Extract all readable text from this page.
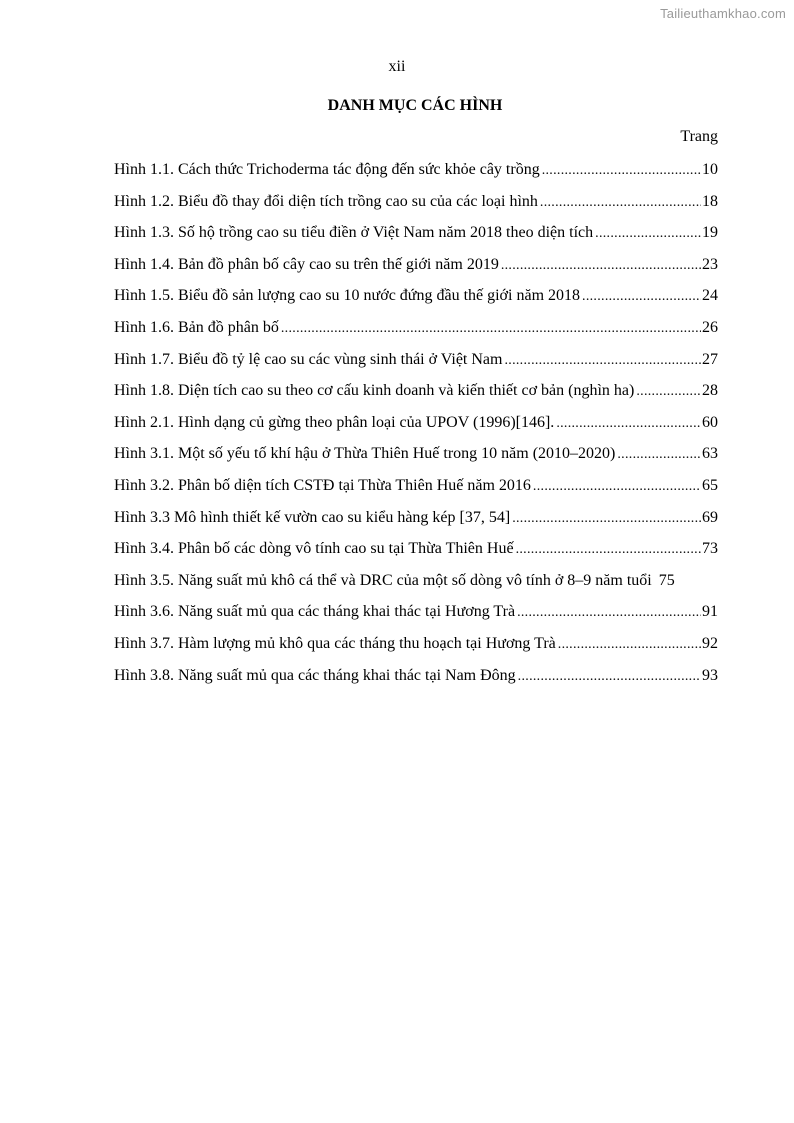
Tailieuthamkhao.com
xii
DANH MỤC CÁC HÌNH
Trang
Hình 1.1. Cách thức Trichoderma tác động đến sức khỏe cây trồng .....	10
Hình 1.2. Biểu đồ thay đổi diện tích trồng cao su của các loại hình .....	18
Hình 1.3. Số hộ trồng cao su tiểu điền ở Việt Nam năm 2018 theo diện tích .....	19
Hình 1.4. Bản đồ phân bố cây cao su trên thế giới năm 2019 .....	23
Hình 1.5. Biểu đồ sản lượng cao su 10 nước đứng đầu thế giới năm 2018 .....	24
Hình 1.6. Bản đồ phân bố .....	26
Hình 1.7. Biểu đồ tỷ lệ cao su các vùng sinh thái ở Việt Nam .....	27
Hình 1.8. Diện tích cao su theo cơ cấu kinh doanh và kiến thiết cơ bản (nghìn ha) .....	28
Hình 2.1. Hình dạng củ gừng theo phân loại của UPOV (1996)[146]. .....	60
Hình 3.1. Một số yếu tố khí hậu ở Thừa Thiên Huế trong 10 năm (2010–2020) .....	63
Hình 3.2. Phân bố diện tích CSTĐ tại Thừa Thiên Huế năm 2016 .....	65
Hình 3.3 Mô hình thiết kế vườn cao su kiểu hàng kép [37, 54] .....	69
Hình 3.4. Phân bố các dòng vô tính cao su tại Thừa Thiên Huế .....	73
Hình 3.5. Năng suất mủ khô cá thể và DRC của một số dòng vô tính ở 8–9 năm tuổi 75
Hình 3.6. Năng suất mủ qua các tháng khai thác tại Hương Trà .....	91
Hình 3.7. Hàm lượng mủ khô qua các tháng thu hoạch tại Hương Trà .....	92
Hình 3.8. Năng suất mủ qua các tháng khai thác tại Nam Đông .....	93
